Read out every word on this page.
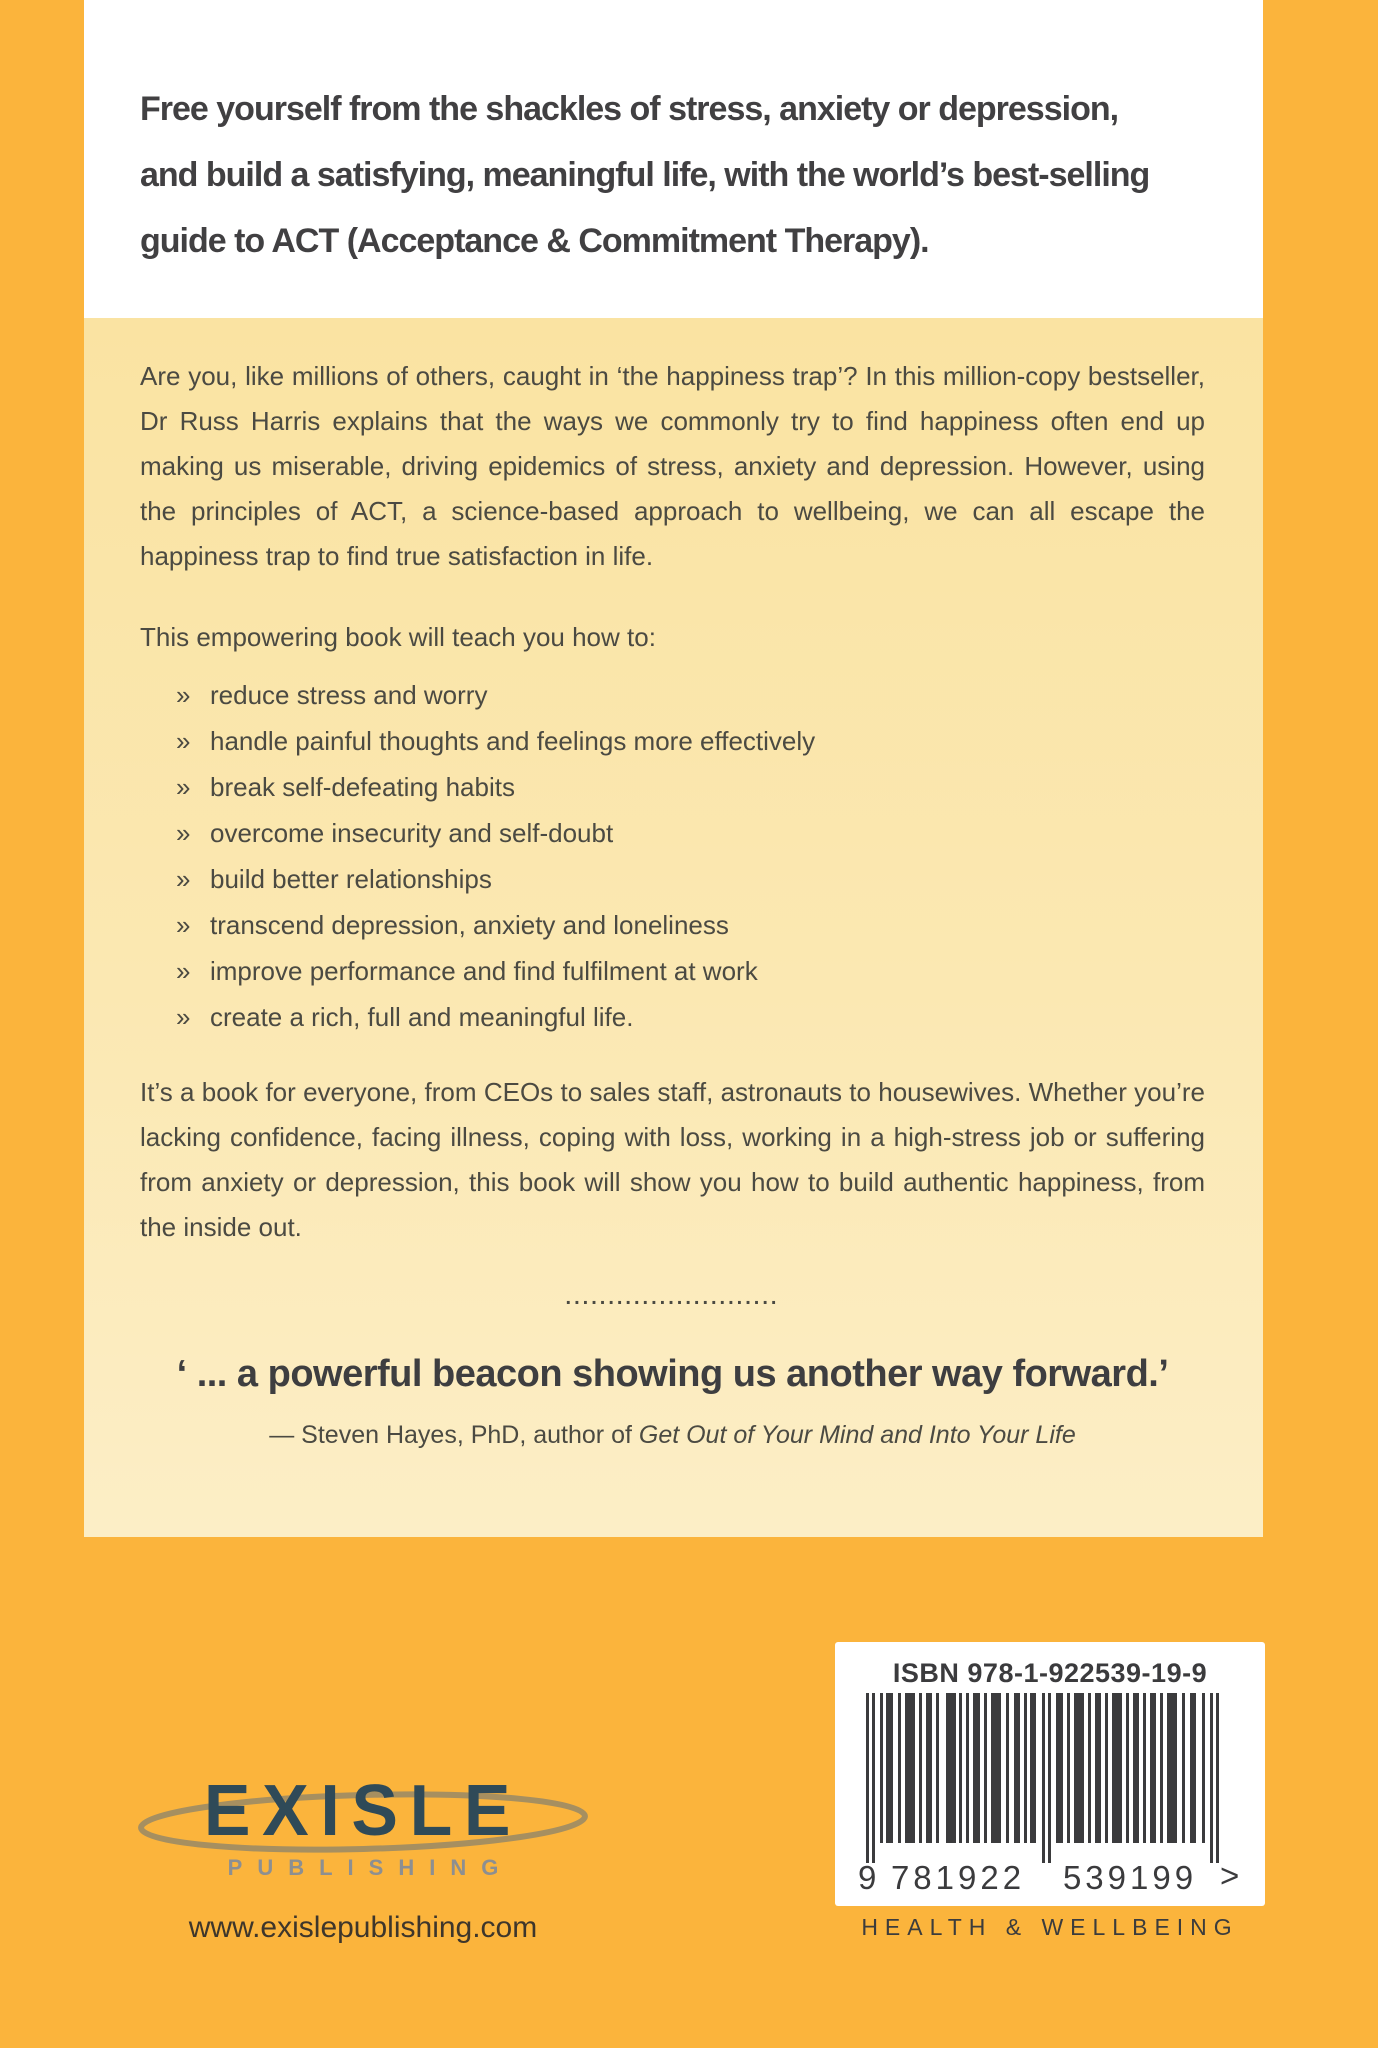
Free yourself from the shackles of stress, anxiety or depression,
and build a satisfying, meaningful life, with the world’s best-selling
guide to ACT (Acceptance & Commitment Therapy).

Are you, like millions of others, caught in ‘the happiness trap’? In this million-copy bestseller, Dr Russ Harris explains that the ways we commonly try to find happiness often end up making us miserable, driving epidemics of stress, anxiety and depression. However, using the principles of ACT, a science-based approach to wellbeing, we can all escape the happiness trap to find true satisfaction in life.

This empowering book will teach you how to:
» reduce stress and worry
» handle painful thoughts and feelings more effectively
» break self-defeating habits
» overcome insecurity and self-doubt
» build better relationships
» transcend depression, anxiety and loneliness
» improve performance and find fulfilment at work
» create a rich, full and meaningful life.

It’s a book for everyone, from CEOs to sales staff, astronauts to housewives. Whether you’re lacking confidence, facing illness, coping with loss, working in a high-stress job or suffering from anxiety or depression, this book will show you how to build authentic happiness, from the inside out.

.........................
‘ ... a powerful beacon showing us another way forward.’
— Steven Hayes, PhD, author of Get Out of Your Mind and Into Your Life
EXISLE
PUBLISHING
www.exislepublishing.com
ISBN 978-1-922539-19-9
9 781922 539199 >
HEALTH & WELLBEING
